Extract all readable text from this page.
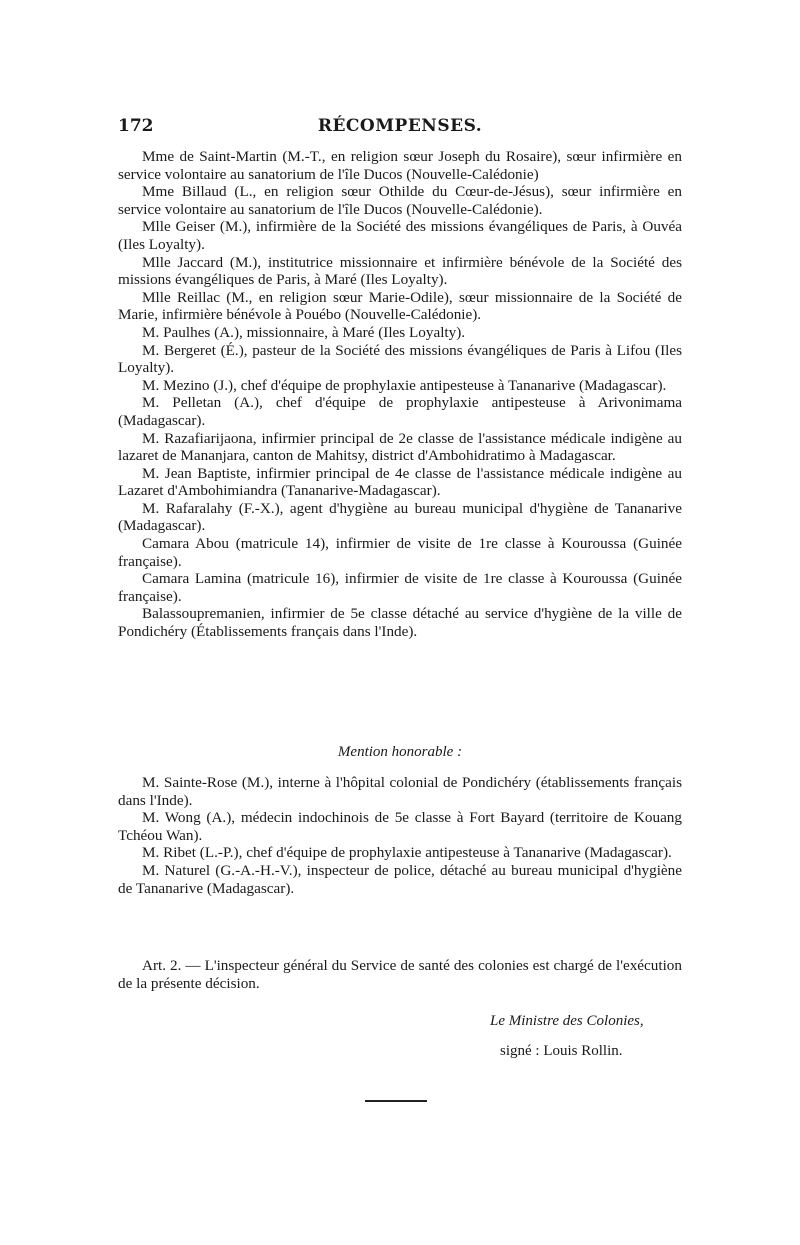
172	RÉCOMPENSES.

Mme de Saint-Martin (M.-T., en religion sœur Joseph du Rosaire), sœur infirmière en service volontaire au sanatorium de l'île Ducos (Nouvelle-Calédonie)

Mme Billaud (L., en religion sœur Othilde du Cœur-de-Jésus), sœur infirmière en service volontaire au sanatorium de l'île Ducos (Nouvelle-Calédonie).

Mlle Geiser (M.), infirmière de la Société des missions évangéliques de Paris, à Ouvéa (Iles Loyalty).

Mlle Jaccard (M.), institutrice missionnaire et infirmière bénévole de la Société des missions évangéliques de Paris, à Maré (Iles Loyalty).

Mlle Reillac (M., en religion sœur Marie-Odile), sœur missionnaire de la Société de Marie, infirmière bénévole à Pouébo (Nouvelle-Calédonie).

M. Paulhes (A.), missionnaire, à Maré (Iles Loyalty).

M. Bergeret (É.), pasteur de la Société des missions évangéliques de Paris à Lifou (Iles Loyalty).

M. Mezino (J.), chef d'équipe de prophylaxie antipesteuse à Tananarive (Madagascar).

M. Pelletan (A.), chef d'équipe de prophylaxie antipesteuse à Arivonimama (Madagascar).

M. Razafiarijaona, infirmier principal de 2e classe de l'assistance médicale indigène au lazaret de Mananjara, canton de Mahitsy, district d'Ambohidratimo à Madagascar.

M. Jean Baptiste, infirmier principal de 4e classe de l'assistance médicale indigène au Lazaret d'Ambohimiandra (Tananarive-Madagascar).

M. Rafaralahy (F.-X.), agent d'hygiène au bureau municipal d'hygiène de Tananarive (Madagascar).

Camara Abou (matricule 14), infirmier de visite de 1re classe à Kouroussa (Guinée française).

Camara Lamina (matricule 16), infirmier de visite de 1re classe à Kouroussa (Guinée française).

Balassoupremanien, infirmier de 5e classe détaché au service d'hygiène de la ville de Pondichéry (Établissements français dans l'Inde).

Mention honorable :

M. Sainte-Rose (M.), interne à l'hôpital colonial de Pondichéry (établissements français dans l'Inde).

M. Wong (A.), médecin indochinois de 5e classe à Fort Bayard (territoire de Kouang Tchéou Wan).

M. Ribet (L.-P.), chef d'équipe de prophylaxie antipesteuse à Tananarive (Madagascar).

M. Naturel (G.-A.-H.-V.), inspecteur de police, détaché au bureau municipal d'hygiène de Tananarive (Madagascar).

Art. 2. — L'inspecteur général du Service de santé des colonies est chargé de l'exécution de la présente décision.

Le Ministre des Colonies,
signé : Louis Rollin.
